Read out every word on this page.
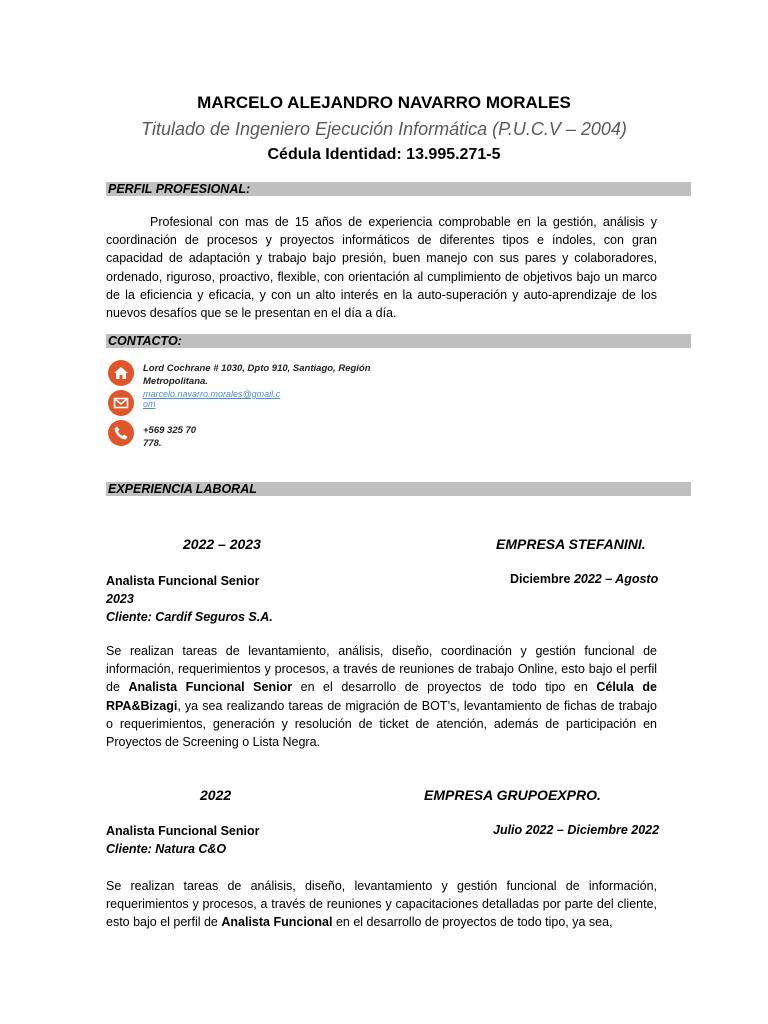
MARCELO ALEJANDRO NAVARRO MORALES
Titulado de Ingeniero Ejecución Informática (P.U.C.V – 2004)
Cédula Identidad: 13.995.271-5
PERFIL PROFESIONAL:
Profesional con mas de 15 años de experiencia comprobable en la gestión, análisis y coordinación de procesos y proyectos informáticos de diferentes tipos e índoles, con gran capacidad de adaptación y trabajo bajo presión, buen manejo con sus pares y colaboradores, ordenado, riguroso, proactivo, flexible, con orientación al cumplimiento de objetivos bajo un marco de la eficiencia y eficacia, y con un alto interés en la auto-superación y auto-aprendizaje de los nuevos desafíos que se le presentan en el día a día.
CONTACTO:
Lord Cochrane # 1030, Dpto 910, Santiago, Región
Metropolitana.
marcelo.navarro.morales@gmail.c
om
+569 325 70
778.
EXPERIENCIA LABORAL
2022 – 2023	EMPRESA STEFANINI.
Analista Funcional Senior
2023
Cliente: Cardif Seguros S.A.
Diciembre 2022 – Agosto
Se realizan tareas de levantamiento, análisis, diseño, coordinación y gestión funcional de información, requerimientos y procesos, a través de reuniones de trabajo Online, esto bajo el perfil de Analista Funcional Senior en el desarrollo de proyectos de todo tipo en Célula de RPA&Bizagi, ya sea realizando tareas de migración de BOT’s, levantamiento de fichas de trabajo o requerimientos, generación y resolución de ticket de atención, además de participación en Proyectos de Screening o Lista Negra.
2022	EMPRESA GRUPOEXPRO.
Analista Funcional Senior
Cliente: Natura C&O
Julio 2022 – Diciembre 2022
Se realizan tareas de análisis, diseño, levantamiento y gestión funcional de información, requerimientos y procesos, a través de reuniones y capacitaciones detalladas por parte del cliente, esto bajo el perfil de Analista Funcional en el desarrollo de proyectos de todo tipo, ya sea,
